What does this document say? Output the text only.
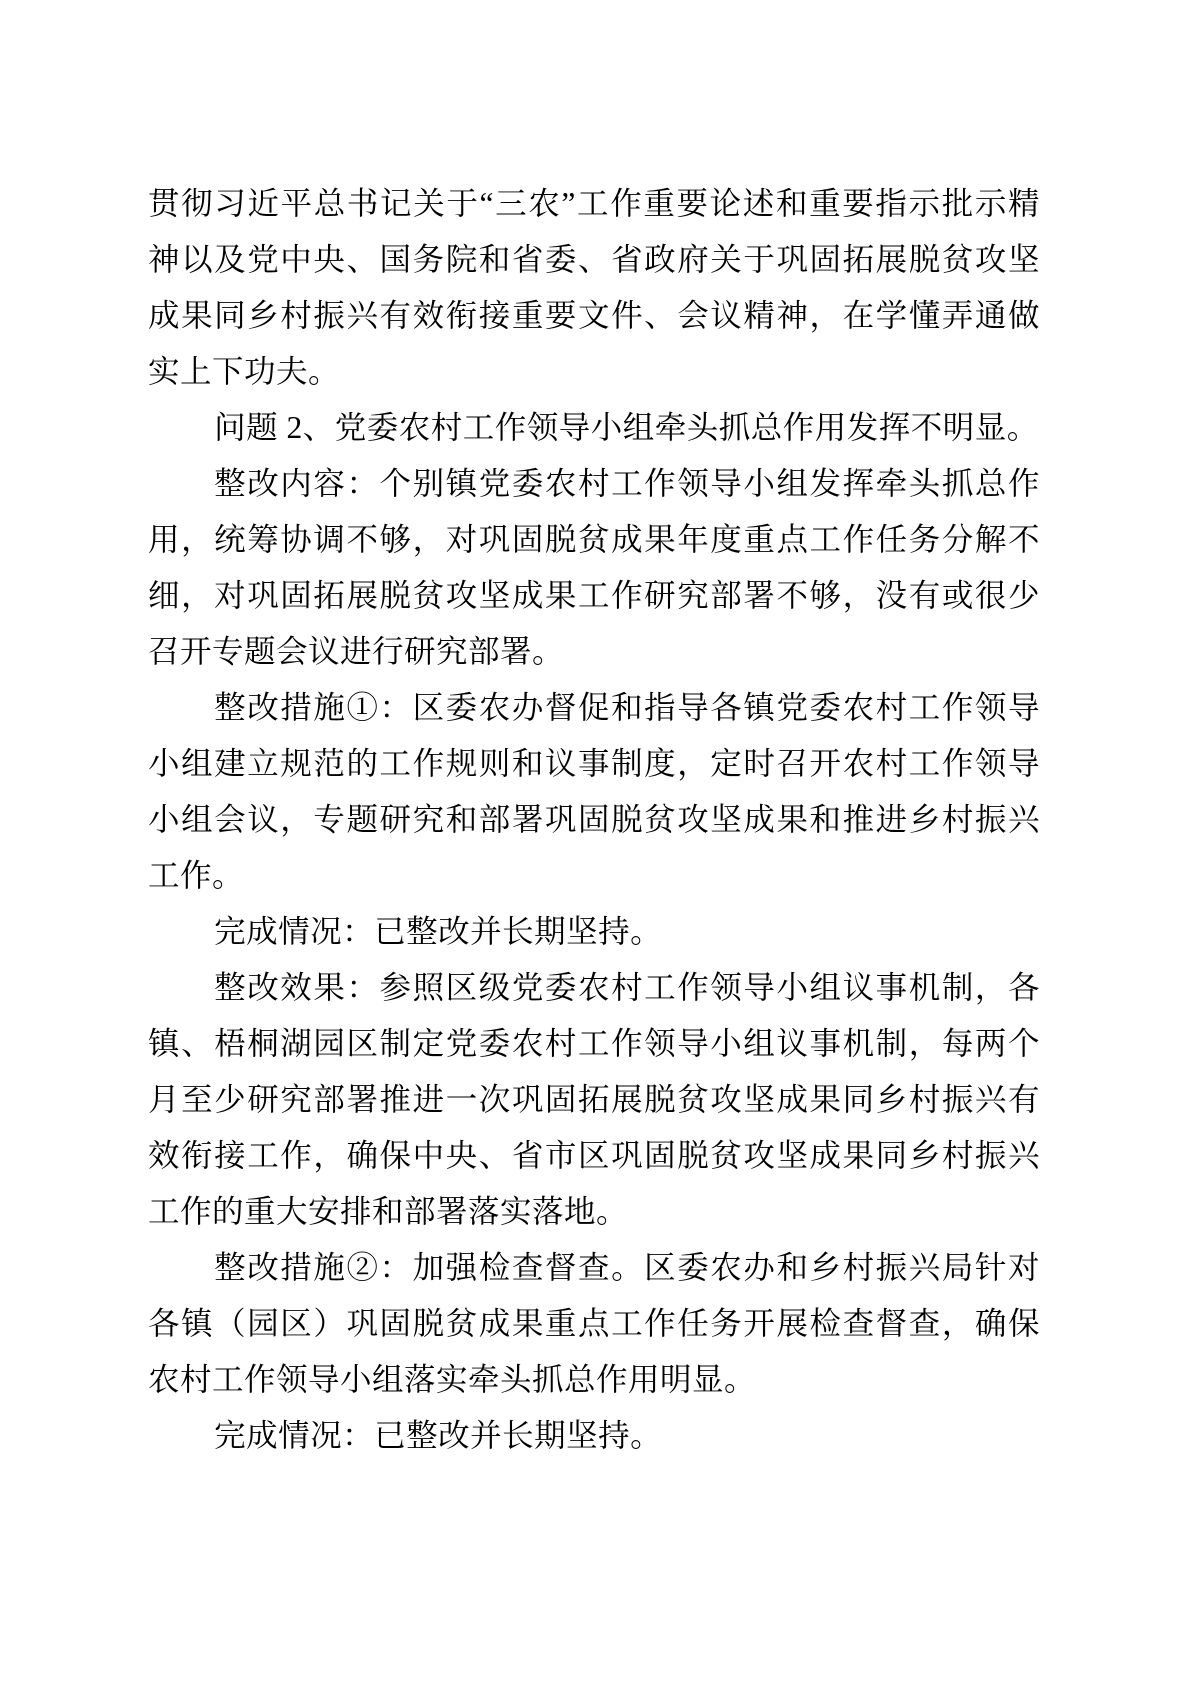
贯彻习近平总书记关于“三农”工作重要论述和重要指示批示精神以及党中央、国务院和省委、省政府关于巩固拓展脱贫攻坚成果同乡村振兴有效衔接重要文件、会议精神，在学懂弄通做实上下功夫。

问题 2、党委农村工作领导小组牵头抓总作用发挥不明显。

整改内容：个别镇党委农村工作领导小组发挥牵头抓总作用，统筹协调不够，对巩固脱贫成果年度重点工作任务分解不细，对巩固拓展脱贫攻坚成果工作研究部署不够，没有或很少召开专题会议进行研究部署。

整改措施①：区委农办督促和指导各镇党委农村工作领导小组建立规范的工作规则和议事制度，定时召开农村工作领导小组会议，专题研究和部署巩固脱贫攻坚成果和推进乡村振兴工作。

完成情况：已整改并长期坚持。

整改效果：参照区级党委农村工作领导小组议事机制，各镇、梧桐湖园区制定党委农村工作领导小组议事机制，每两个月至少研究部署推进一次巩固拓展脱贫攻坚成果同乡村振兴有效衔接工作，确保中央、省市区巩固脱贫攻坚成果同乡村振兴工作的重大安排和部署落实落地。

整改措施②：加强检查督查。区委农办和乡村振兴局针对各镇（园区）巩固脱贫成果重点工作任务开展检查督查，确保农村工作领导小组落实牵头抓总作用明显。

完成情况：已整改并长期坚持。
